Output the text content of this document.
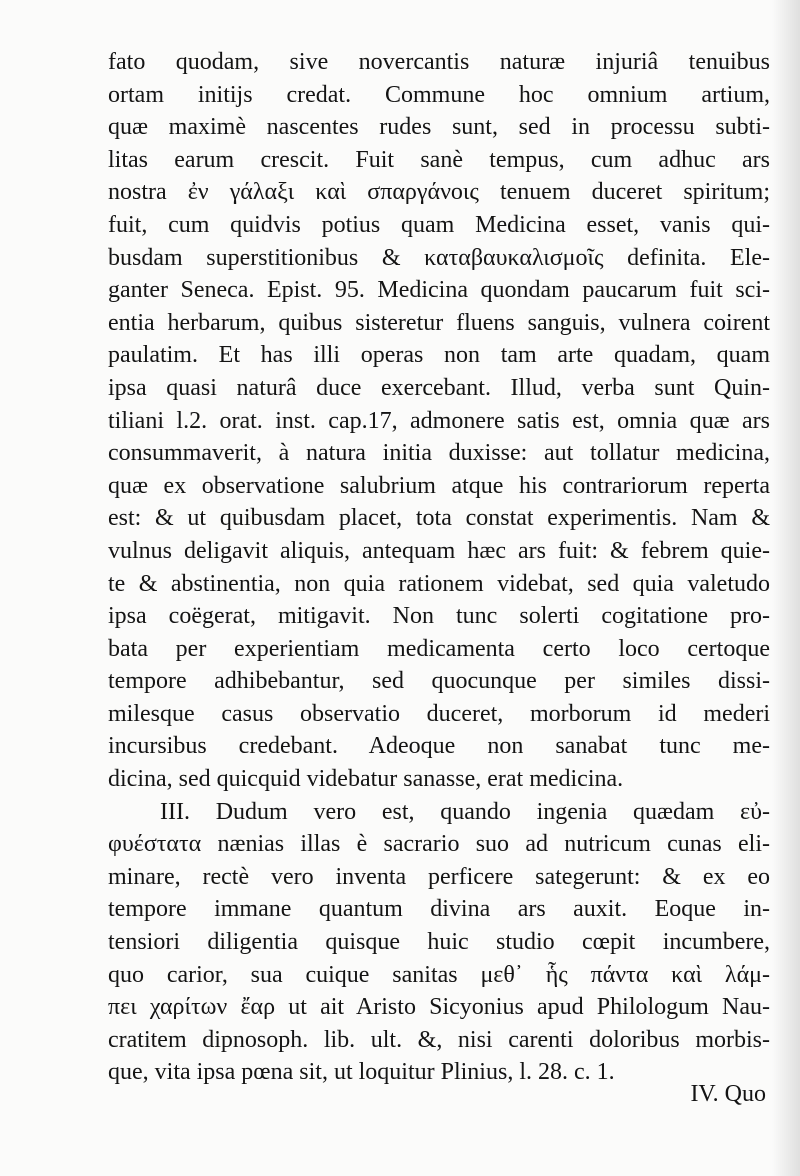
fato quodam, sive novercantis naturæ injuriâ tenuibus
ortam initijs credat. Commune hoc omnium artium,
quæ maximè nascentes rudes sunt, sed in processu subti-
litas earum crescit. Fuit sanè tempus, cum adhuc ars
nostra ἐν γάλαξι καὶ σπαργάνοις tenuem duceret spiritum;
fuit, cum quidvis potius quam Medicina esset, vanis qui-
busdam superstitionibus & καταβαυκαλισμοῖς definita. Ele-
ganter Seneca. Epist. 95. Medicina quondam paucarum fuit sci-
entia herbarum, quibus sisteretur fluens sanguis, vulnera coirent
paulatim. Et has illi operas non tam arte quadam, quam
ipsa quasi naturâ duce exercebant. Illud, verba sunt Quin-
tiliani l.2. orat. inst. cap.17, admonere satis est, omnia quæ ars
consummaverit, à natura initia duxisse: aut tollatur medicina,
quæ ex observatione salubrium atque his contrariorum reperta
est: & ut quibusdam placet, tota constat experimentis. Nam &
vulnus deligavit aliquis, antequam hæc ars fuit: & febrem quie-
te & abstinentia, non quia rationem videbat, sed quia valetudo
ipsa coëgerat, mitigavit. Non tunc solerti cogitatione pro-
bata per experientiam medicamenta certo loco certoque
tempore adhibebantur, sed quocunque per similes dissi-
milesque casus observatio duceret, morborum id mederi
incursibus credebant. Adeoque non sanabat tunc me-
dicina, sed quicquid videbatur sanasse, erat medicina.
III. Dudum vero est, quando ingenia quædam εὐ-
φυέστατα nænias illas è sacrario suo ad nutricum cunas eli-
minare, rectè vero inventa perficere sategerunt: & ex eo
tempore immane quantum divina ars auxit. Eoque in-
tensiori diligentia quisque huic studio cœpit incumbere,
quo carior, sua cuique sanitas μεθ᾽ ἧς πάντα καὶ λάμ-
πει χαρίτων ἔαρ ut ait Aristo Sicyonius apud Philologum Nau-
cratitem dipnosoph. lib. ult. &, nisi carenti doloribus morbis-
que, vita ipsa pœna sit, ut loquitur Plinius, l. 28. c. 1.
IV. Quo
